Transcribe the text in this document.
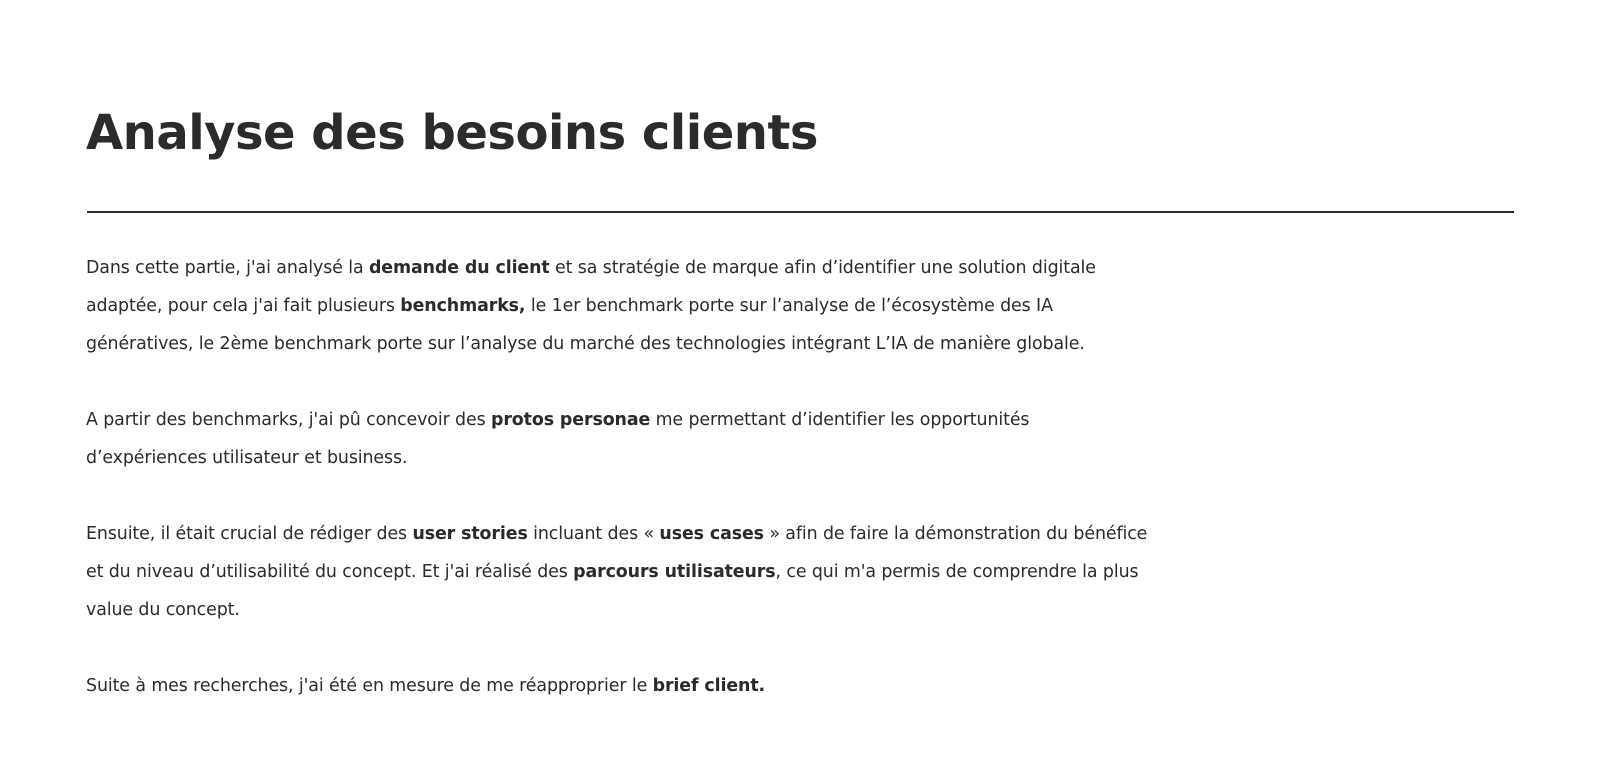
Analyse des besoins clients

Dans cette partie, j'ai analysé la demande du client et sa stratégie de marque afin d’identifier une solution digitale
adaptée, pour cela j'ai fait plusieurs benchmarks, le 1er benchmark porte sur l’analyse de l’écosystème des IA
génératives, le 2ème benchmark porte sur l’analyse du marché des technologies intégrant L’IA de manière globale.

A partir des benchmarks, j'ai pû concevoir des protos personae me permettant d’identifier les opportunités
d’expériences utilisateur et business.

Ensuite, il était crucial de rédiger des user stories incluant des « uses cases » afin de faire la démonstration du bénéfice
et du niveau d’utilisabilité du concept. Et j'ai réalisé des parcours utilisateurs, ce qui m'a permis de comprendre la plus
value du concept.

Suite à mes recherches, j'ai été en mesure de me réapproprier le brief client.
